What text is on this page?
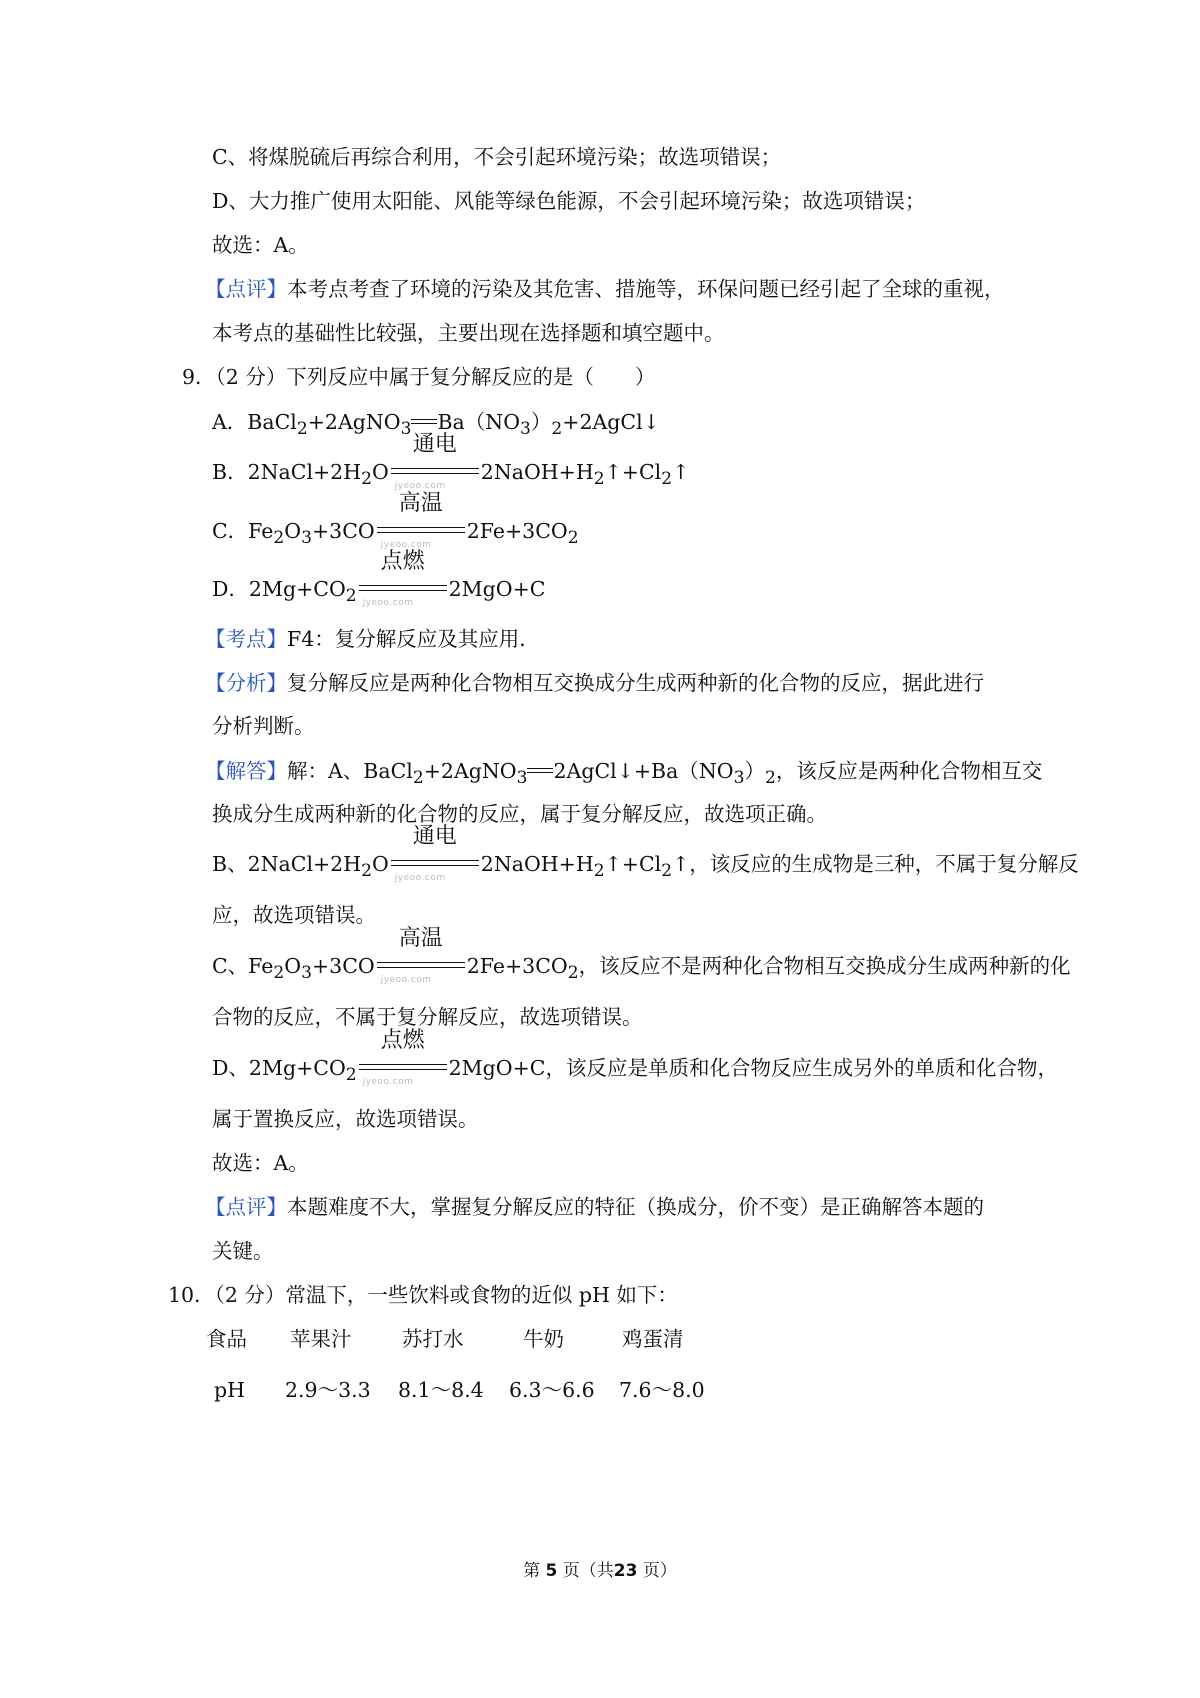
C、将煤脱硫后再综合利用，不会引起环境污染；故选项错误；
D、大力推广使用太阳能、风能等绿色能源，不会引起环境污染；故选项错误；
故选：A。
【点评】本考点考查了环境的污染及其危害、措施等，环保问题已经引起了全球的重视，
本考点的基础性比较强，主要出现在选择题和填空题中。
9．（2 分）下列反应中属于复分解反应的是（　　）
A．BaCl$_2$+2AgNO$_3$ $Ba(NO_3)_2+2AgCl↓$
B．$2NaCl+2H_2O$
通电
jyeoo.com
$2NaOH+H_2↑+Cl_2↑$
C．$Fe_2O_3+3CO$
高温
jyeoo.com
$2Fe+3CO_2$
D．$2Mg+CO_2$
点燃
jyeoo.com
2MgO+C
【考点】F4：复分解反应及其应用．
【分析】复分解反应是两种化合物相互交换成分生成两种新的化合物的反应，据此进行
分析判断。
【解答】解：A、BaCl$_2$+2AgNO$_3$ $2AgCl↓+Ba(NO_3)_2$，该反应是两种化合物相互交
换成分生成两种新的化合物的反应，属于复分解反应，故选项正确。
B、$2NaCl+2H_2O$
通电
jyeoo.com
$2NaOH+H_2↑+Cl_2↑$，该反应的生成物是三种，不属于复分解反
应，故选项错误。
C、$Fe_2O_3+3CO$
高温
jyeoo.com
$2Fe+3CO_2$，该反应不是两种化合物相互交换成分生成两种新的化
合物的反应，不属于复分解反应，故选项错误。
D、$2Mg+CO_2$
点燃
jyeoo.com
2MgO+C，该反应是单质和化合物反应生成另外的单质和化合物，
属于置换反应，故选项错误。
故选：A。
【点评】本题难度不大，掌握复分解反应的特征（换成分，价不变）是正确解答本题的
关键。
10．（2 分）常温下，一些饮料或食物的近似 pH 如下：
食品 苹果汁 苏打水	牛奶	鸡蛋清
pH 2.9～3.3 8.1～8.4 6.3～6.6 7.6～8.0
第 5 页（共23 页）
